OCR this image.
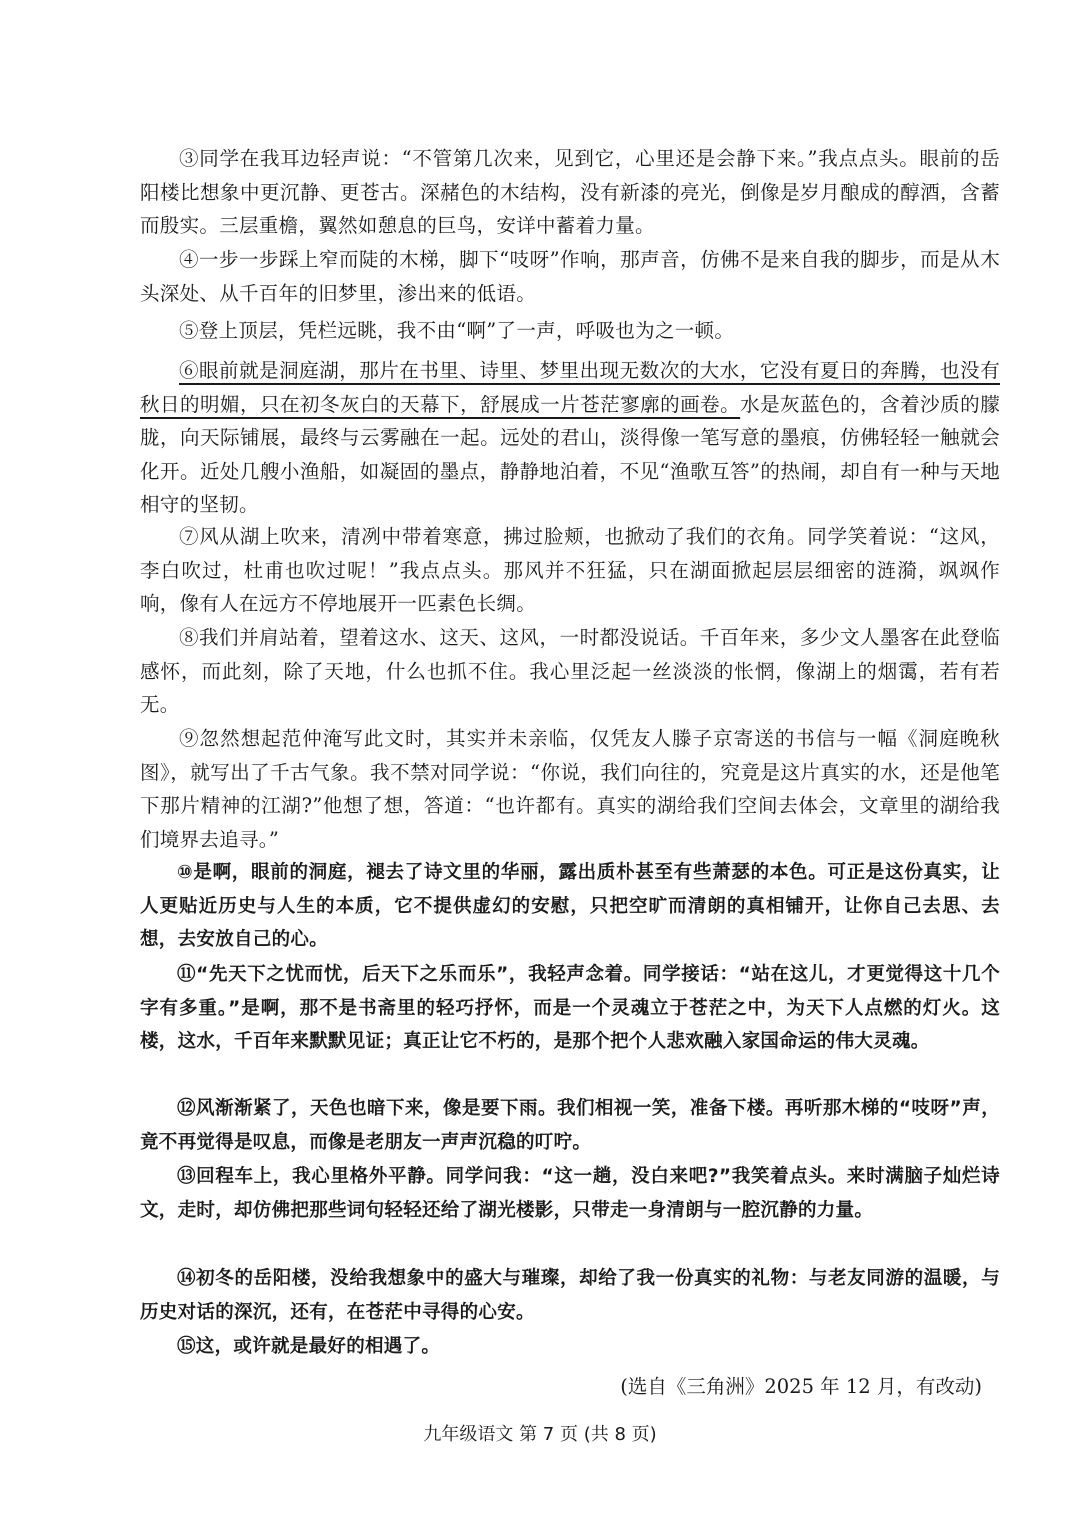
③同学在我耳边轻声说：“不管第几次来，见到它，心里还是会静下来。”我点点头。眼前的岳阳楼比想象中更沉静、更苍古。深赭色的木结构，没有新漆的亮光，倒像是岁月酿成的醇酒，含蓄而殷实。三层重檐，翼然如憩息的巨鸟，安详中蓄着力量。

④一步一步踩上窄而陡的木梯，脚下“吱呀”作响，那声音，仿佛不是来自我的脚步，而是从木头深处、从千百年的旧梦里，渗出来的低语。

⑤登上顶层，凭栏远眺，我不由“啊”了一声，呼吸也为之一顿。

⑥眼前就是洞庭湖，那片在书里、诗里、梦里出现无数次的大水，它没有夏日的奔腾，也没有秋日的明媚，只在初冬灰白的天幕下，舒展成一片苍茫寥廓的画卷。水是灰蓝色的，含着沙质的朦胧，向天际铺展，最终与云雾融在一起。远处的君山，淡得像一笔写意的墨痕，仿佛轻轻一触就会化开。近处几艘小渔船，如凝固的墨点，静静地泊着，不见“渔歌互答”的热闹，却自有一种与天地相守的坚韧。

⑦风从湖上吹来，清冽中带着寒意，拂过脸颊，也掀动了我们的衣角。同学笑着说：“这风，李白吹过，杜甫也吹过呢！”我点点头。那风并不狂猛，只在湖面掀起层层细密的涟漪，飒飒作响，像有人在远方不停地展开一匹素色长绸。

⑧我们并肩站着，望着这水、这天、这风，一时都没说话。千百年来，多少文人墨客在此登临感怀，而此刻，除了天地，什么也抓不住。我心里泛起一丝淡淡的怅惘，像湖上的烟霭，若有若无。

⑨忽然想起范仲淹写此文时，其实并未亲临，仅凭友人滕子京寄送的书信与一幅《洞庭晚秋图》，就写出了千古气象。我不禁对同学说：“你说，我们向往的，究竟是这片真实的水，还是他笔下那片精神的江湖?”他想了想，答道：“也许都有。真实的湖给我们空间去体会，文章里的湖给我们境界去追寻。”

⑩是啊，眼前的洞庭，褪去了诗文里的华丽，露出质朴甚至有些萧瑟的本色。可正是这份真实，让人更贴近历史与人生的本质，它不提供虚幻的安慰，只把空旷而清朗的真相铺开，让你自己去思、去想，去安放自己的心。

⑪“先天下之忧而忧，后天下之乐而乐”，我轻声念着。同学接话：“站在这儿，才更觉得这十几个字有多重。”是啊，那不是书斋里的轻巧抒怀，而是一个灵魂立于苍茫之中，为天下人点燃的灯火。这楼，这水，千百年来默默见证；真正让它不朽的，是那个把个人悲欢融入家国命运的伟大灵魂。

⑫风渐渐紧了，天色也暗下来，像是要下雨。我们相视一笑，准备下楼。再听那木梯的“吱呀”声，竟不再觉得是叹息，而像是老朋友一声声沉稳的叮咛。

⑬回程车上，我心里格外平静。同学问我：“这一趟，没白来吧?”我笑着点头。来时满脑子灿烂诗文，走时，却仿佛把那些词句轻轻还给了湖光楼影，只带走一身清朗与一腔沉静的力量。

⑭初冬的岳阳楼，没给我想象中的盛大与璀璨，却给了我一份真实的礼物：与老友同游的温暖，与历史对话的深沉，还有，在苍茫中寻得的心安。

⑮这，或许就是最好的相遇了。

(选自《三角洲》2025 年 12 月，有改动)

九年级语文 第 7 页 (共 8 页)
